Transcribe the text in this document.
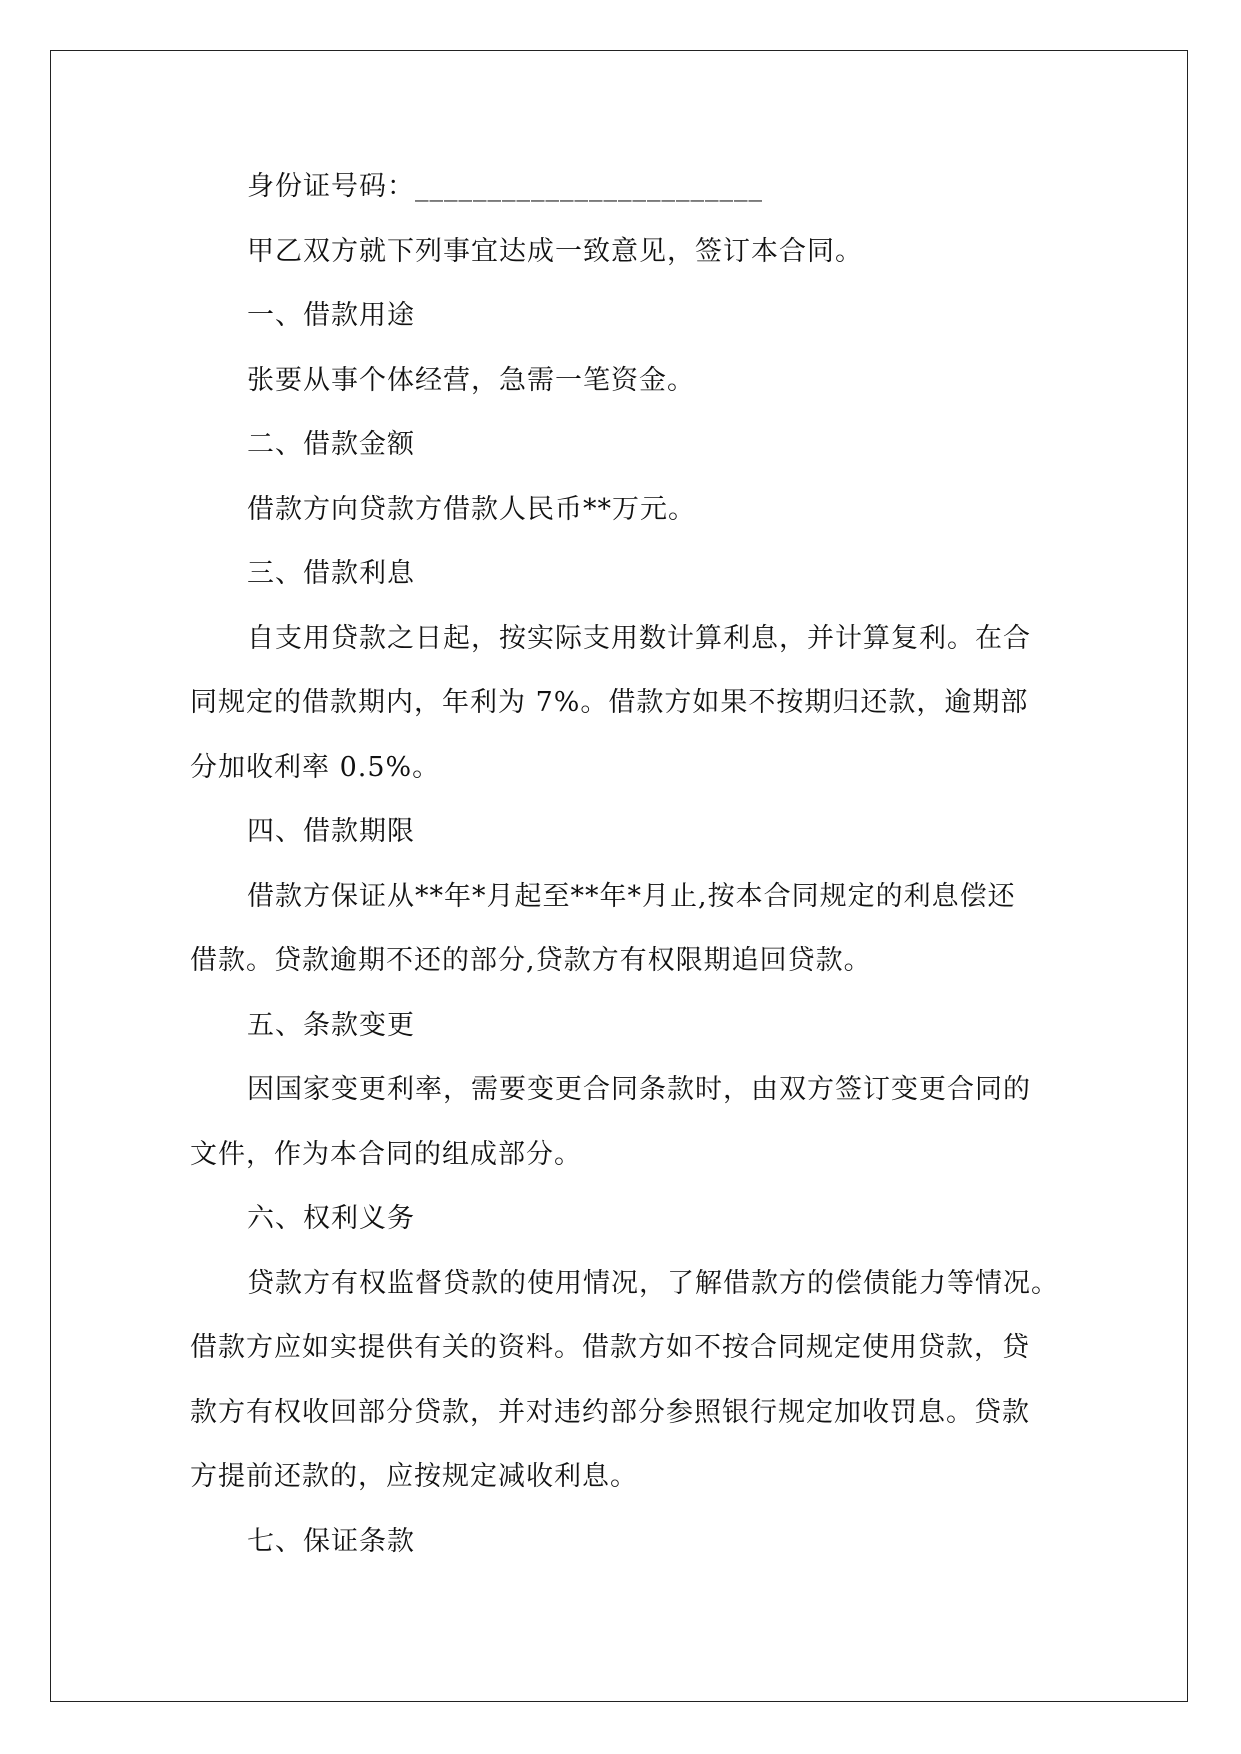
身份证号码：________________________
甲乙双方就下列事宜达成一致意见，签订本合同。
一、借款用途
张要从事个体经营，急需一笔资金。
二、借款金额
借款方向贷款方借款人民币**万元。
三、借款利息
自支用贷款之日起，按实际支用数计算利息，并计算复利。在合
同规定的借款期内，年利为 7%。借款方如果不按期归还款，逾期部
分加收利率 0.5%。
四、借款期限
借款方保证从**年*月起至**年*月止,按本合同规定的利息偿还
借款。贷款逾期不还的部分,贷款方有权限期追回贷款。
五、条款变更
因国家变更利率，需要变更合同条款时，由双方签订变更合同的
文件，作为本合同的组成部分。
六、权利义务
贷款方有权监督贷款的使用情况，了解借款方的偿债能力等情况。
借款方应如实提供有关的资料。借款方如不按合同规定使用贷款，贷
款方有权收回部分贷款，并对违约部分参照银行规定加收罚息。贷款
方提前还款的，应按规定减收利息。
七、保证条款
